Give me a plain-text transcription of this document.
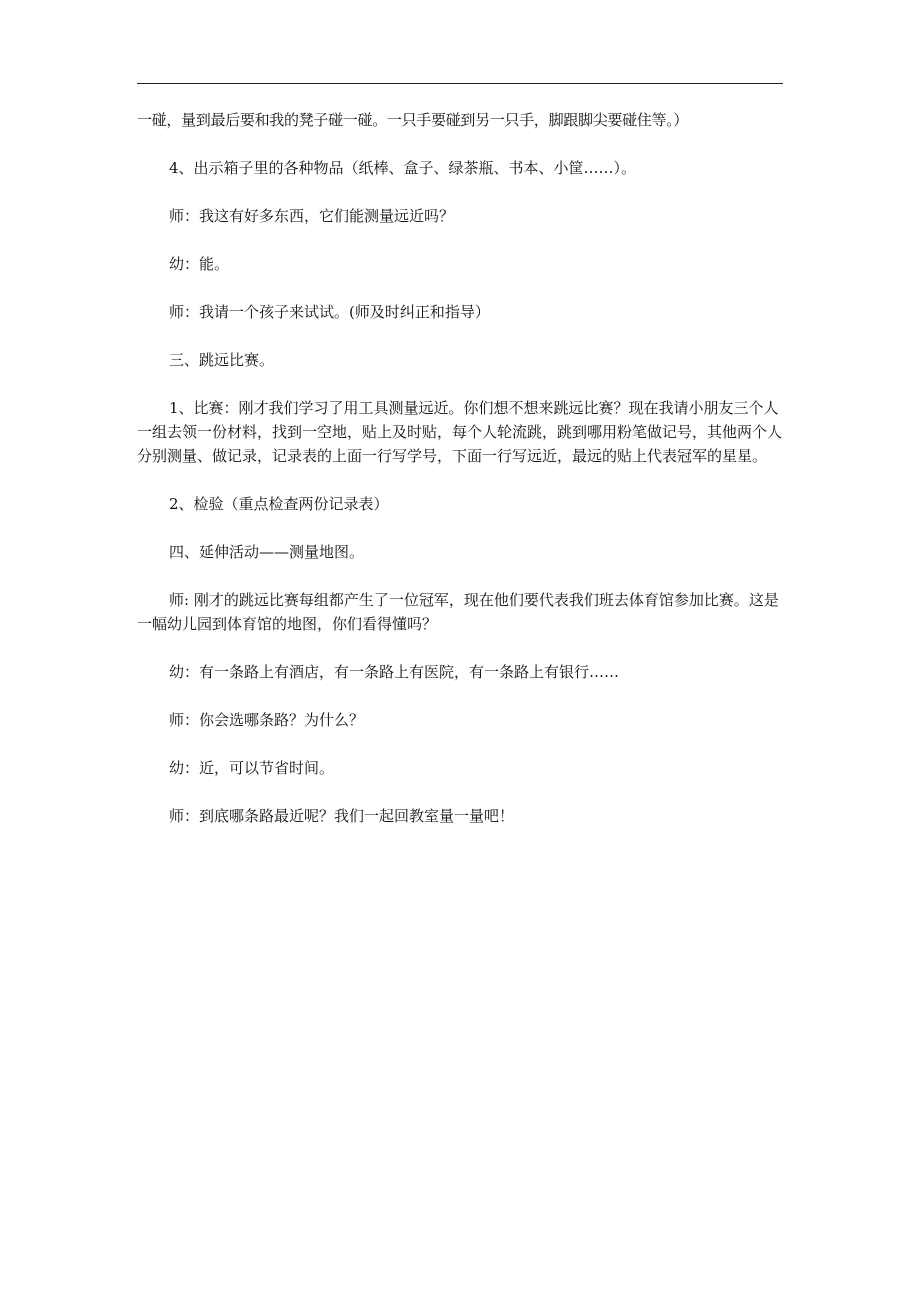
一碰，量到最后要和我的凳子碰一碰。一只手要碰到另一只手，脚跟脚尖要碰住等。）

4、出示箱子里的各种物品（纸棒、盒子、绿茶瓶、书本、小筐……）。

师：我这有好多东西，它们能测量远近吗？

幼：能。

师：我请一个孩子来试试。(师及时纠正和指导）

三、跳远比赛。

1、比赛：刚才我们学习了用工具测量远近。你们想不想来跳远比赛？现在我请小朋友三个人一组去领一份材料，找到一空地，贴上及时贴，每个人轮流跳，跳到哪用粉笔做记号，其他两个人分别测量、做记录，记录表的上面一行写学号，下面一行写远近，最远的贴上代表冠军的星星。

2、检验（重点检查两份记录表）

四、延伸活动——测量地图。

师: 刚才的跳远比赛每组都产生了一位冠军，现在他们要代表我们班去体育馆参加比赛。这是一幅幼儿园到体育馆的地图，你们看得懂吗？

幼：有一条路上有酒店，有一条路上有医院，有一条路上有银行……

师：你会选哪条路？为什么？

幼：近，可以节省时间。

师：到底哪条路最近呢？我们一起回教室量一量吧！
